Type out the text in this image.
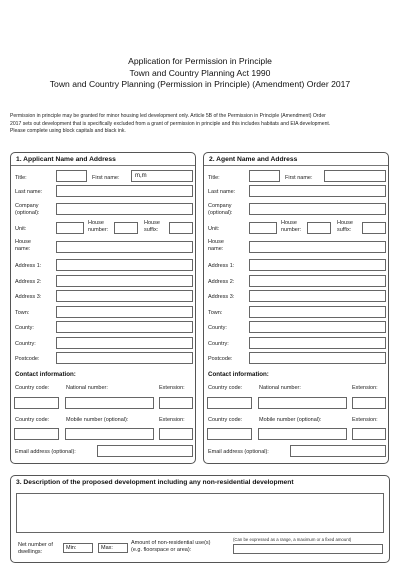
Application for Permission in Principle
Town and Country Planning Act 1990
Town and Country Planning (Permission in Principle) (Amendment) Order 2017
Permission in principle may be granted for minor housing led development only. Article 5B of the Permission in Principle (Amendment) Order
2017 sets out development that is specifically excluded from a grant of permission in principle and this includes habitats and EIA development.
Please complete using block capitals and black ink.
1. Applicant Name and Address
Title:	First name:	m,m
Last name:
Company
(optional):
Unit:
House
number:
House
suffix:
House
name:
Address 1:
Address 2:
Address 3:
Town:
County:
Country:
Postcode:
Contact information:
Country code:	National number:	Extension:
Country code:	Mobile number (optional):	Extension:
Email address (optional):
2. Agent Name and Address
Title:	First name:
Last name:
Company
(optional):
Unit:
House
number:
House
suffix:
House
name:
Address 1:
Address 2:
Address 3:
Town:
County:
Country:
Postcode:
Contact information:
Country code:	National number:	Extension:
Country code:	Mobile number (optional):	Extension:
Email address (optional):
3. Description of the proposed development including any non-residential development
Net number of
dwellings:
Min:	Max:
Amount of non-residential use(s)
(e.g. floorspace or area):
(Can be expressed as a range, a maximum or a fixed amount)
